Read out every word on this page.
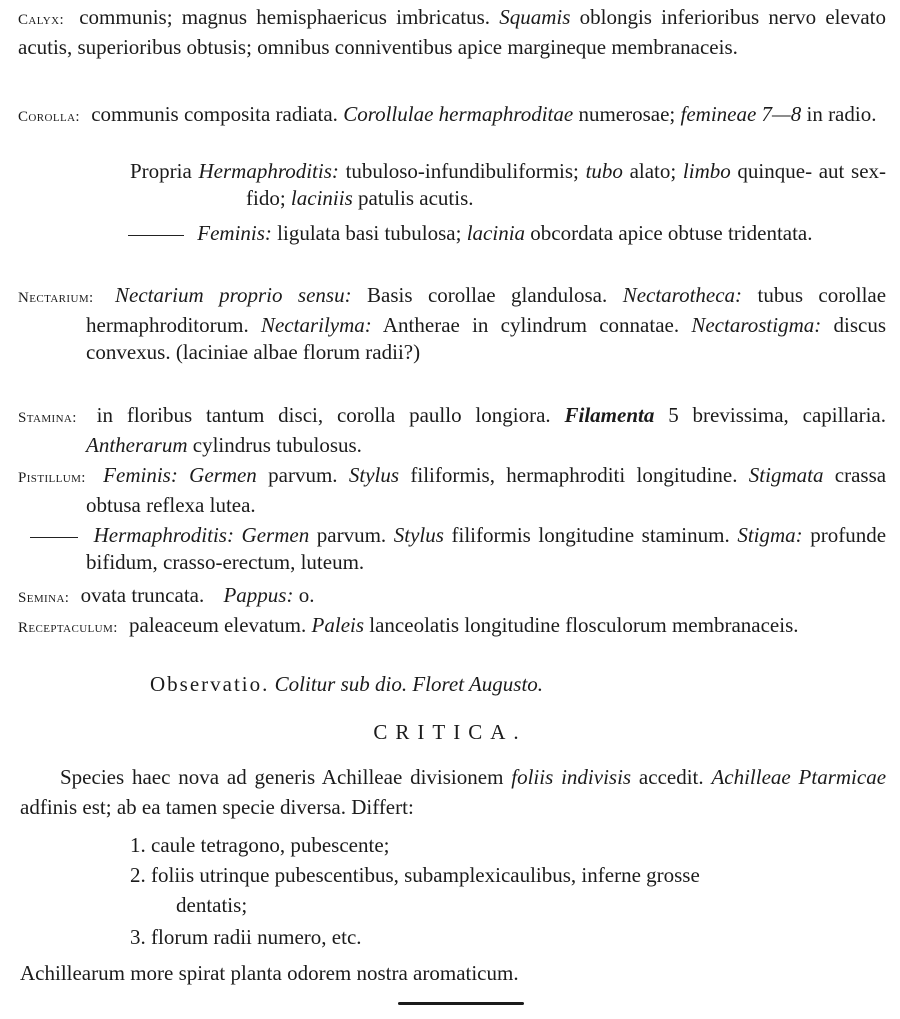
Calyx: communis; magnus hemisphaericus imbricatus. Squamis oblongis inferioribus nervo elevato acutis, superioribus obtusis; omnibus conniventibus apice margineque membranaceis.
Corolla: communis composita radiata. Corollulae hermaphroditae numerosae; femineae 7—8 in radio.
Propria Hermaphroditis: tubuloso-infundibuliformis; tubo alato; limbo quinque- aut sex-fido; laciniis patulis acutis.
Feminis: ligulata basi tubulosa; lacinia obcordata apice obtuse tridentata.
Nectarium: Nectarium proprio sensu: Basis corollae glandulosa. Nectarotheca: tubus corollae hermaphroditorum. Nectarilyma: Antherae in cylindrum connatae. Nectarostigma: discus convexus. (laciniae albae florum radii?)
Stamina: in floribus tantum disci, corolla paullo longiora. Filamenta 5 brevissima, capillaria. Antherarum cylindrus tubulosus.
Pistillum: Feminis: Germen parvum. Stylus filiformis, hermaphroditi longitudine. Stigmata crassa obtusa reflexa lutea.
Hermaphroditis: Germen parvum. Stylus filiformis longitudine staminum. Stigma: profunde bifidum, crasso-erectum, luteum.
Semina: ovata truncata. Pappus: o.
Receptaculum: paleaceum elevatum. Paleis lanceolatis longitudine flosculorum membranaceis.
Observatio. Colitur sub dio. Floret Augusto.
CRITICA.
Species haec nova ad generis Achilleae divisionem foliis indivisis accedit. Achilleae Ptarmicae adfinis est; ab ea tamen specie diversa. Differt:
1. caule tetragono, pubescente;
2. foliis utrinque pubescentibus, subamplexicaulibus, inferne grosse
dentatis;
3. florum radii numero, etc.
Achillearum more spirat planta odorem nostra aromaticum.
